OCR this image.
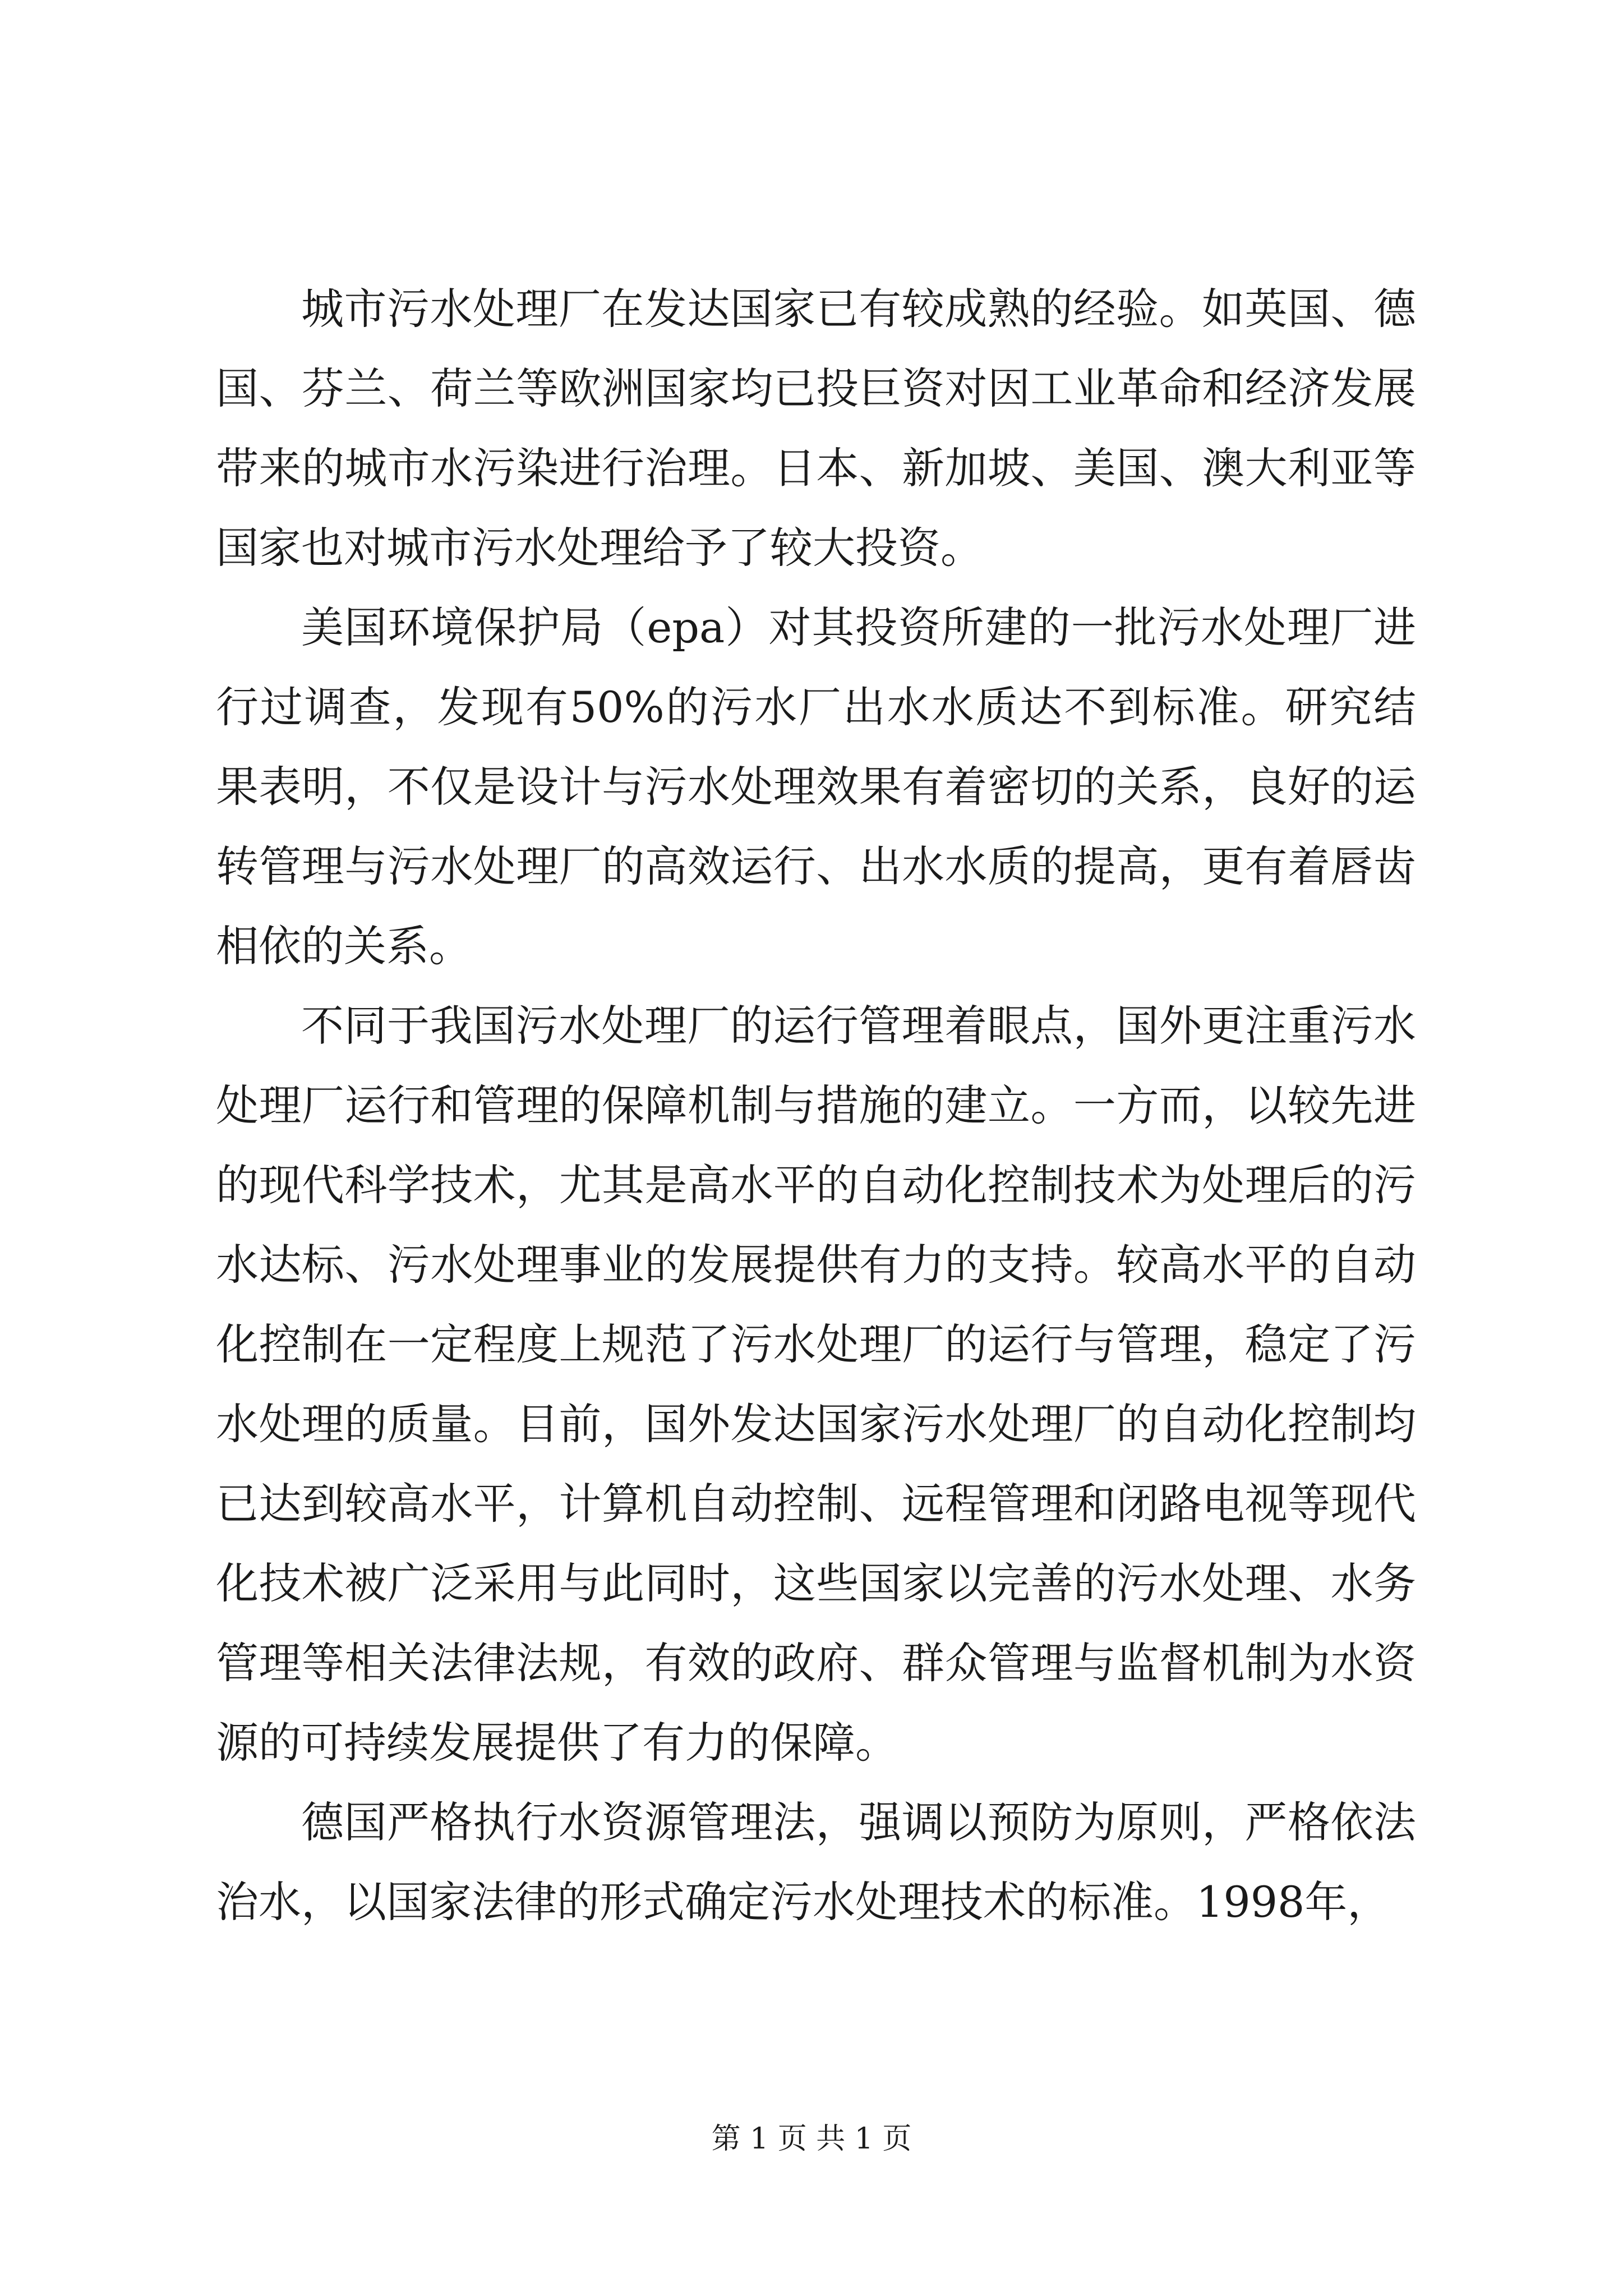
城市污水处理厂在发达国家已有较成熟的经验。如英国、德国、芬兰、荷兰等欧洲国家均已投巨资对因工业革命和经济发展带来的城市水污染进行治理。日本、新加坡、美国、澳大利亚等国家也对城市污水处理给予了较大投资。

美国环境保护局（epa）对其投资所建的一批污水处理厂进行过调查，发现有50%的污水厂出水水质达不到标准。研究结果表明，不仅是设计与污水处理效果有着密切的关系，良好的运转管理与污水处理厂的高效运行、出水水质的提高，更有着唇齿相依的关系。

不同于我国污水处理厂的运行管理着眼点，国外更注重污水处理厂运行和管理的保障机制与措施的建立。一方而，以较先进的现代科学技术，尤其是高水平的自动化控制技术为处理后的污水达标、污水处理事业的发展提供有力的支持。较高水平的自动化控制在一定程度上规范了污水处理厂的运行与管理，稳定了污水处理的质量。目前，国外发达国家污水处理厂的自动化控制均已达到较高水平，计算机自动控制、远程管理和闭路电视等现代化技术被广泛采用与此同时，这些国家以完善的污水处理、水务管理等相关法律法规，有效的政府、群众管理与监督机制为水资源的可持续发展提供了有力的保障。

德国严格执行水资源管理法，强调以预防为原则，严格依法治水，以国家法律的形式确定污水处理技术的标准。1998年，

第 1 页 共 1 页
